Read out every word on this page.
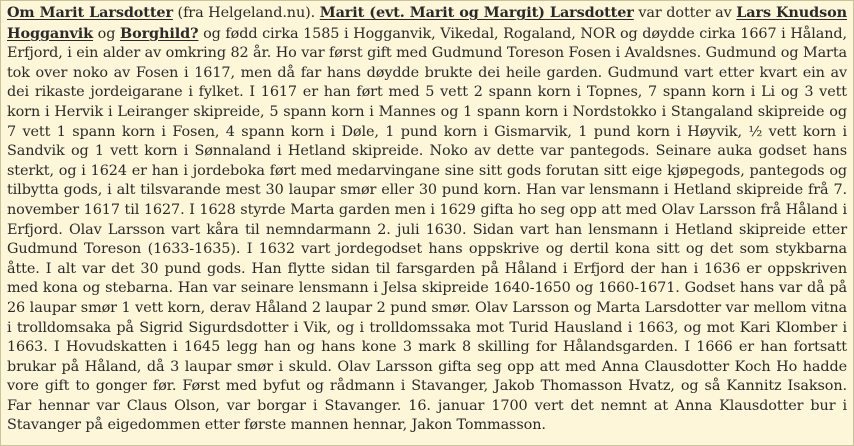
Om Marit Larsdotter (fra Helgeland.nu). Marit (evt. Marit og Margit) Larsdotter var dotter av Lars Knudson Hogganvik og Borghild? og fødd cirka 1585 i Hogganvik, Vikedal, Rogaland, NOR og døydde cirka 1667 i Håland, Erfjord, i ein alder av omkring 82 år. Ho var først gift med Gudmund Toreson Fosen i Avaldsnes. Gudmund og Marta tok over noko av Fosen i 1617, men då far hans døydde brukte dei heile garden. Gudmund vart etter kvart ein av dei rikaste jordeigarane i fylket. I 1617 er han ført med 5 vett 2 spann korn i Topnes, 7 spann korn i Li og 3 vett korn i Hervik i Leiranger skipreide, 5 spann korn i Mannes og 1 spann korn i Nordstokko i Stangaland skipreide og 7 vett 1 spann korn i Fosen, 4 spann korn i Døle, 1 pund korn i Gismarvik, 1 pund korn i Høyvik, ½ vett korn i Sandvik og 1 vett korn i Sønnaland i Hetland skipreide. Noko av dette var pantegods. Seinare auka godset hans sterkt, og i 1624 er han i jordeboka ført med medarvingane sine sitt gods forutan sitt eige kjøpegods, pantegods og tilbytta gods, i alt tilsvarande mest 30 laupar smør eller 30 pund korn. Han var lensmann i Hetland skipreide frå 7. november 1617 til 1627. I 1628 styrde Marta garden men i 1629 gifta ho seg opp att med Olav Larsson frå Håland i Erfjord. Olav Larsson vart kåra til nemndarmann 2. juli 1630. Sidan vart han lensmann i Hetland skipreide etter Gudmund Toreson (1633-1635). I 1632 vart jordegodset hans oppskrive og dertil kona sitt og det som stykbarna åtte. I alt var det 30 pund gods. Han flytte sidan til farsgarden på Håland i Erfjord der han i 1636 er oppskriven med kona og stebarna. Han var seinare lensmann i Jelsa skipreide 1640-1650 og 1660-1671. Godset hans var då på 26 laupar smør 1 vett korn, derav Håland 2 laupar 2 pund smør. Olav Larsson og Marta Larsdotter var mellom vitna i trolldomsaka på Sigrid Sigurdsdotter i Vik, og i trolldomssaka mot Turid Hausland i 1663, og mot Kari Klomber i 1663. I Hovudskatten i 1645 legg han og hans kone 3 mark 8 skilling for Hålandsgarden. I 1666 er han fortsatt brukar på Håland, då 3 laupar smør i skuld. Olav Larsson gifta seg opp att med Anna Clausdotter Koch Ho hadde vore gift to gonger før. Først med byfut og rådmann i Stavanger, Jakob Thomasson Hvatz, og så Kannitz Isakson. Far hennar var Claus Olson, var borgar i Stavanger. 16. januar 1700 vert det nemnt at Anna Klausdotter bur i Stavanger på eigedommen etter første mannen hennar, Jakon Tommasson.
